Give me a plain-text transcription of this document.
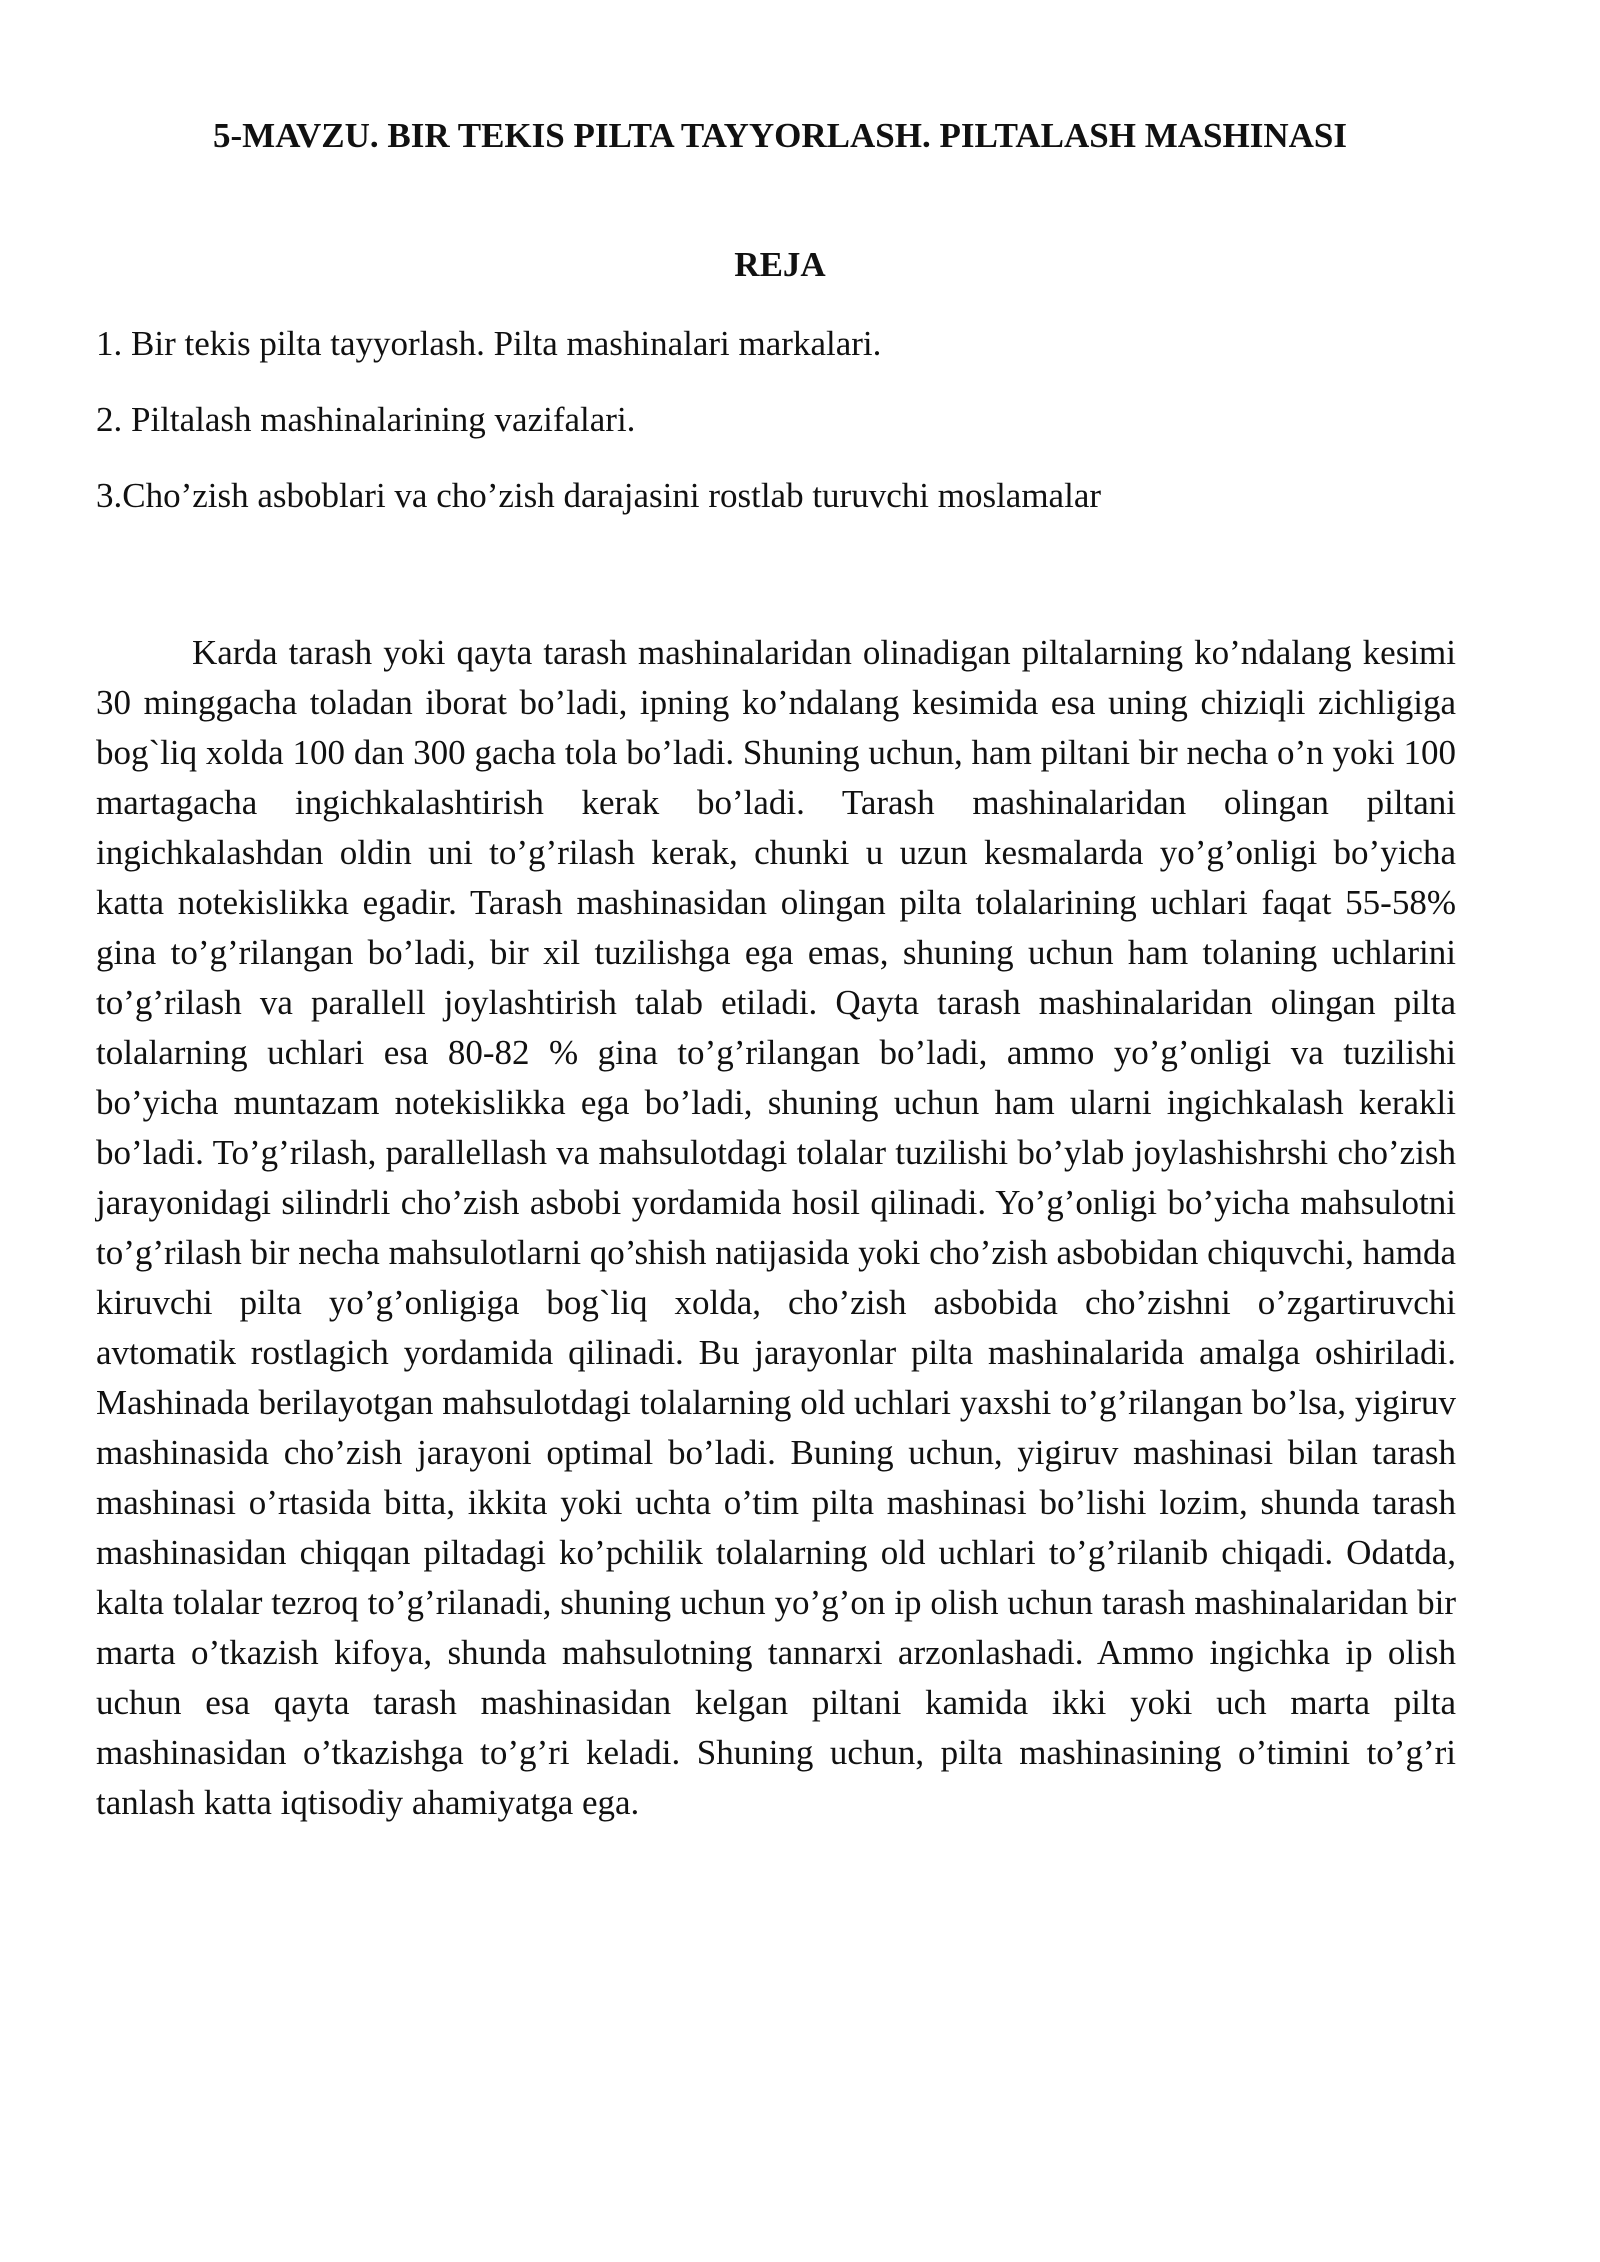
5-MAVZU. BIR TEKIS PILTA TAYYORLASH. PILTALASH MASHINASI
REJA

1. Bir tekis pilta tayyorlash. Pilta mashinalari markalari.

2. Piltalash mashinalarining vazifalari.

3.Cho’zish asboblari va cho’zish darajasini rostlab turuvchi moslamalar

Karda tarash yoki qayta tarash mashinalaridan olinadigan piltalarning ko’ndalang kesimi 30 minggacha toladan iborat bo’ladi, ipning ko’ndalang kesimida esa uning chiziqli zichligiga bog`liq xolda 100 dan 300 gacha tola bo’ladi. Shuning uchun, ham piltani bir necha o’n yoki 100 martagacha ingichkalashtirish kerak bo’ladi. Tarash mashinalaridan olingan piltani ingichkalashdan oldin uni to’g’rilash kerak, chunki u uzun kesmalarda yo’g’onligi bo’yicha katta notekislikka egadir. Tarash mashinasidan olingan pilta tolalarining uchlari faqat 55-58% gina to’g’rilangan bo’ladi, bir xil tuzilishga ega emas, shuning uchun ham tolaning uchlarini to’g’rilash va parallell joylashtirish talab etiladi. Qayta tarash mashinalaridan olingan pilta tolalarning uchlari esa 80-82 % gina to’g’rilangan bo’ladi, ammo yo’g’onligi va tuzilishi bo’yicha muntazam notekislikka ega bo’ladi, shuning uchun ham ularni ingichkalash kerakli bo’ladi. To’g’rilash, parallellash va mahsulotdagi tolalar tuzilishi bo’ylab joylashishrshi cho’zish jarayonidagi silindrli cho’zish asbobi yordamida hosil qilinadi. Yo’g’onligi bo’yicha mahsulotni to’g’rilash bir necha mahsulotlarni qo’shish natijasida yoki cho’zish asbobidan chiquvchi, hamda kiruvchi pilta yo’g’onligiga bog`liq xolda, cho’zish asbobida cho’zishni o’zgartiruvchi avtomatik rostlagich yordamida qilinadi. Bu jarayonlar pilta mashinalarida amalga oshiriladi. Mashinada berilayotgan mahsulotdagi tolalarning old uchlari yaxshi to’g’rilangan bo’lsa, yigiruv mashinasida cho’zish jarayoni optimal bo’ladi. Buning uchun, yigiruv mashinasi bilan tarash mashinasi o’rtasida bitta, ikkita yoki uchta o’tim pilta mashinasi bo’lishi lozim, shunda tarash mashinasidan chiqqan piltadagi ko’pchilik tolalarning old uchlari to’g’rilanib chiqadi. Odatda, kalta tolalar tezroq to’g’rilanadi, shuning uchun yo’g’on ip olish uchun tarash mashinalaridan bir marta o’tkazish kifoya, shunda mahsulotning tannarxi arzonlashadi. Ammo ingichka ip olish uchun esa qayta tarash mashinasidan kelgan piltani kamida ikki yoki uch marta pilta mashinasidan o’tkazishga to’g’ri keladi. Shuning uchun, pilta mashinasining o’timini to’g’ri tanlash katta iqtisodiy ahamiyatga ega.
